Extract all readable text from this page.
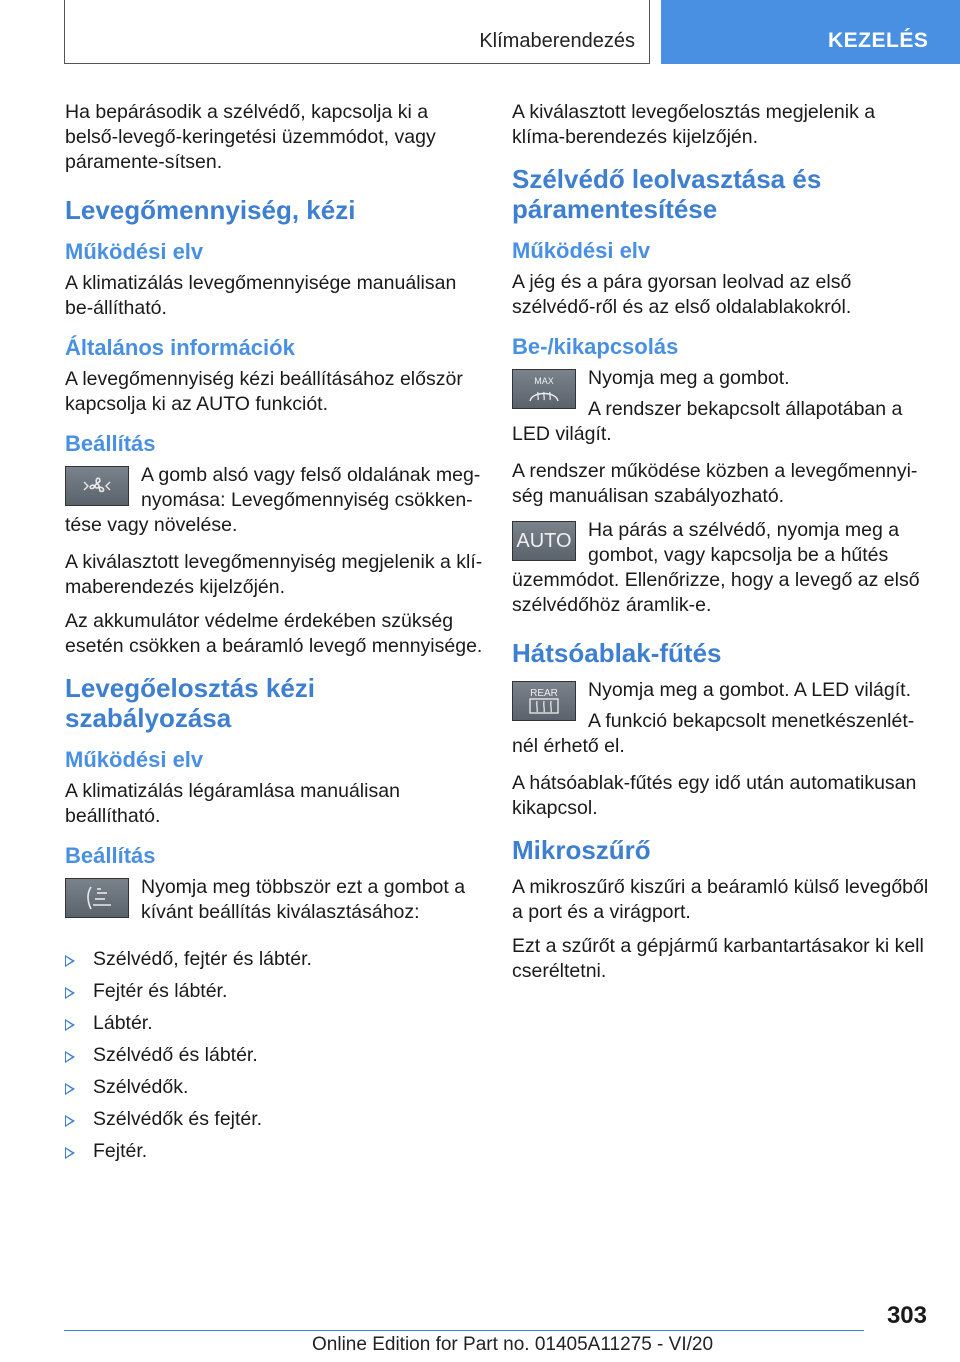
Klímaberendezés	KEZELÉS

Ha bepárásodik a szélvédő, kapcsolja ki a belső-levegő-keringetési üzemmódot, vagy páramente-sítsen.

Levegőmennyiség, kézi
Működési elv

A klimatizálás levegőmennyisége manuálisan be-állítható.

Általános információk

A levegőmennyiség kézi beállításához először kapcsolja ki az AUTO funkciót.

Beállítás

A gomb alsó vagy felső oldalának meg-nyomása: Levegőmennyiség csökken-tése vagy növelése.

A kiválasztott levegőmennyiség megjelenik a klí-maberendezés kijelzőjén.

Az akkumulátor védelme érdekében szükség esetén csökken a beáramló levegő mennyisége.

Levegőelosztás kézi szabályozása
Működési elv

A klimatizálás légáramlása manuálisan beállítható.

Beállítás

Nyomja meg többször ezt a gombot a kívánt beállítás kiválasztásához:

Szélvédő, fejtér és lábtér.
Fejtér és lábtér.
Lábtér.
Szélvédő és lábtér.
Szélvédők.
Szélvédők és fejtér.
Fejtér.

A kiválasztott levegőelosztás megjelenik a klíma-berendezés kijelzőjén.

Szélvédő leolvasztása és páramentesítése
Működési elv

A jég és a pára gyorsan leolvad az első szélvédő-ről és az első oldalablakokról.

Be-/kikapcsolás
MAX	Nyomja meg a gombot.

A rendszer bekapcsolt állapotában a LED világít.

A rendszer működése közben a levegőmennyi-ség manuálisan szabályozható.

AUTO Ha párás a szélvédő, nyomja meg a gombot, vagy kapcsolja be a hűtés üzemmódot. Ellenőrizze, hogy a levegő az első szélvédőhöz áramlik-e.

Hátsóablak-fűtés
REAR	Nyomja meg a gombot. A LED világít.

A funkció bekapcsolt menetkészenlét-nél érhető el.

A hátsóablak-fűtés egy idő után automatikusan kikapcsol.

Mikroszűrő

A mikroszűrő kiszűri a beáramló külső levegőből a port és a virágport.

Ezt a szűrőt a gépjármű karbantartásakor ki kell cseréltetni.

303
Online Edition for Part no. 01405A11275 - VI/20
